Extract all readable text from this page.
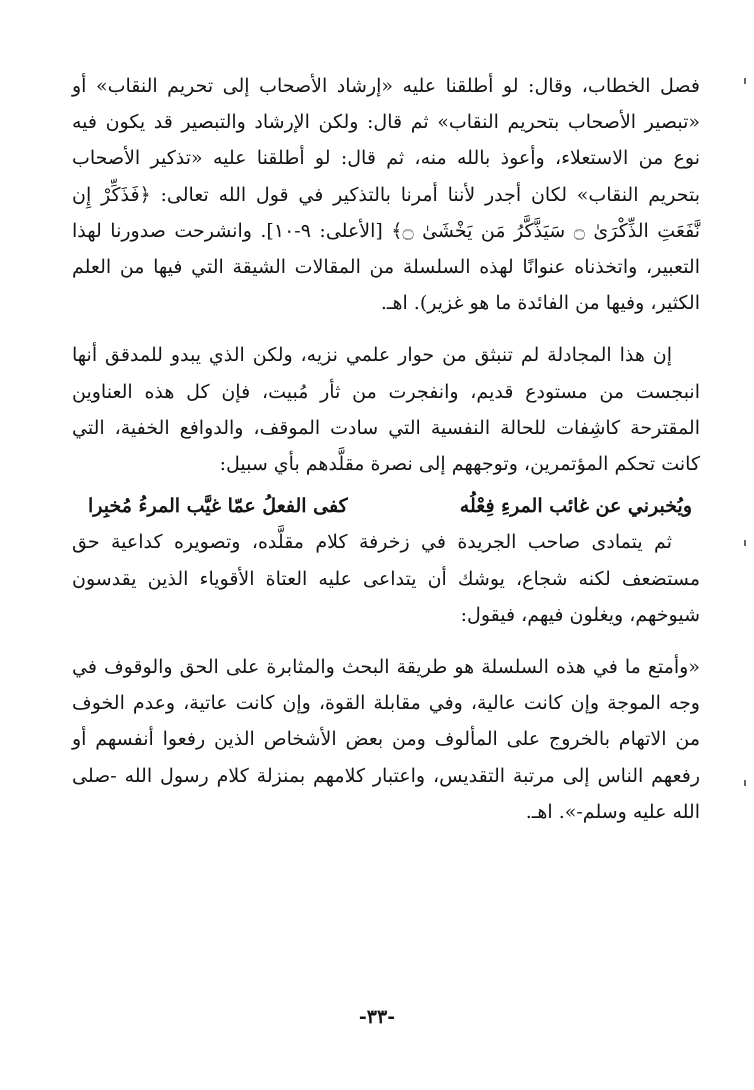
فصل الخطاب، وقال: لو أطلقنا عليه «إرشاد الأصحاب إلى تحريم النقاب» أو «تبصير الأصحاب بتحريم النقاب» ثم قال: ولكن الإرشاد والتبصير قد يكون فيه نوع من الاستعلاء، وأعوذ بالله منه، ثم قال: لو أطلقنا عليه «تذكير الأصحاب بتحريم النقاب» لكان أجدر لأننا أمرنا بالتذكير في قول الله تعالى: ﴿فَذَكِّرْ إِن نَّفَعَتِ الذِّكْرَىٰ ۝ سَيَذَّكَّرُ مَن يَخْشَىٰ ۝﴾ [الأعلى: ٩-١٠]. وانشرحت صدورنا لهذا التعبير، واتخذناه عنوانًا لهذه السلسلة من المقالات الشيقة التي فيها من العلم الكثير، وفيها من الفائدة ما هو غزير). اهـ.

إن هذا المجادلة لم تنبثق من حوار علمي نزيه، ولكن الذي يبدو للمدقق أنها انبجست من مستودع قديم، وانفجرت من ثأر مُبيت، فإن كل هذه العناوين المقترحة كاشِفات للحالة النفسية التي سادت الموقف، والدوافع الخفية، التي كانت تحكم المؤتمرين، وتوجههم إلى نصرة مقلَّدهم بأي سبيل:

ويُخبرني عن غائب المرءِ فِعْلُه
كفى الفعلُ عمّا غيَّب المرءُ مُخبِرا

ثم يتمادى صاحب الجريدة في زخرفة كلام مقلَّده، وتصويره كداعية حق مستضعف لكنه شجاع، يوشك أن يتداعى عليه العتاة الأقوياء الذين يقدسون شيوخهم، ويغلون فيهم، فيقول:

«وأمتع ما في هذه السلسلة هو طريقة البحث والمثابرة على الحق والوقوف في وجه الموجة وإن كانت عالية، وفي مقابلة القوة، وإن كانت عاتية، وعدم الخوف من الاتهام بالخروج على المألوف ومن بعض الأشخاص الذين رفعوا أنفسهم أو رفعهم الناس إلى مرتبة التقديس، واعتبار كلامهم بمنزلة كلام رسول الله -صلى الله عليه وسلم-». اهـ.

-٣٣-
